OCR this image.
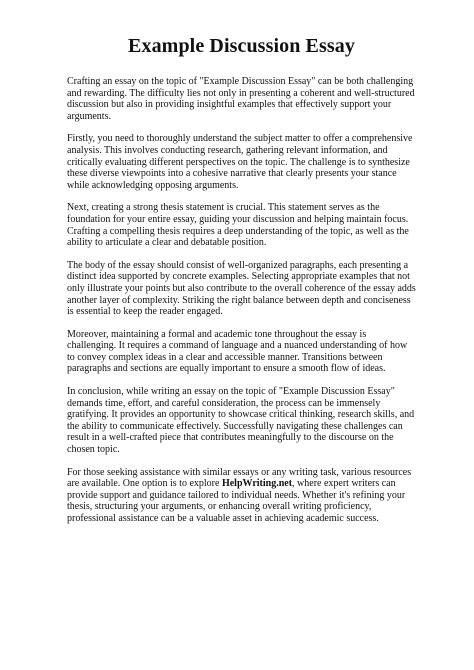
Example Discussion Essay

Crafting an essay on the topic of "Example Discussion Essay" can be both challenging and rewarding. The difficulty lies not only in presenting a coherent and well-structured discussion but also in providing insightful examples that effectively support your arguments.

Firstly, you need to thoroughly understand the subject matter to offer a comprehensive analysis. This involves conducting research, gathering relevant information, and critically evaluating different perspectives on the topic. The challenge is to synthesize these diverse viewpoints into a cohesive narrative that clearly presents your stance while acknowledging opposing arguments.

Next, creating a strong thesis statement is crucial. This statement serves as the foundation for your entire essay, guiding your discussion and helping maintain focus. Crafting a compelling thesis requires a deep understanding of the topic, as well as the ability to articulate a clear and debatable position.

The body of the essay should consist of well-organized paragraphs, each presenting a distinct idea supported by concrete examples. Selecting appropriate examples that not only illustrate your points but also contribute to the overall coherence of the essay adds another layer of complexity. Striking the right balance between depth and conciseness is essential to keep the reader engaged.

Moreover, maintaining a formal and academic tone throughout the essay is challenging. It requires a command of language and a nuanced understanding of how to convey complex ideas in a clear and accessible manner. Transitions between paragraphs and sections are equally important to ensure a smooth flow of ideas.

In conclusion, while writing an essay on the topic of "Example Discussion Essay" demands time, effort, and careful consideration, the process can be immensely gratifying. It provides an opportunity to showcase critical thinking, research skills, and the ability to communicate effectively. Successfully navigating these challenges can result in a well-crafted piece that contributes meaningfully to the discourse on the chosen topic.

For those seeking assistance with similar essays or any writing task, various resources are available. One option is to explore HelpWriting.net, where expert writers can provide support and guidance tailored to individual needs. Whether it's refining your thesis, structuring your arguments, or enhancing overall writing proficiency, professional assistance can be a valuable asset in achieving academic success.
